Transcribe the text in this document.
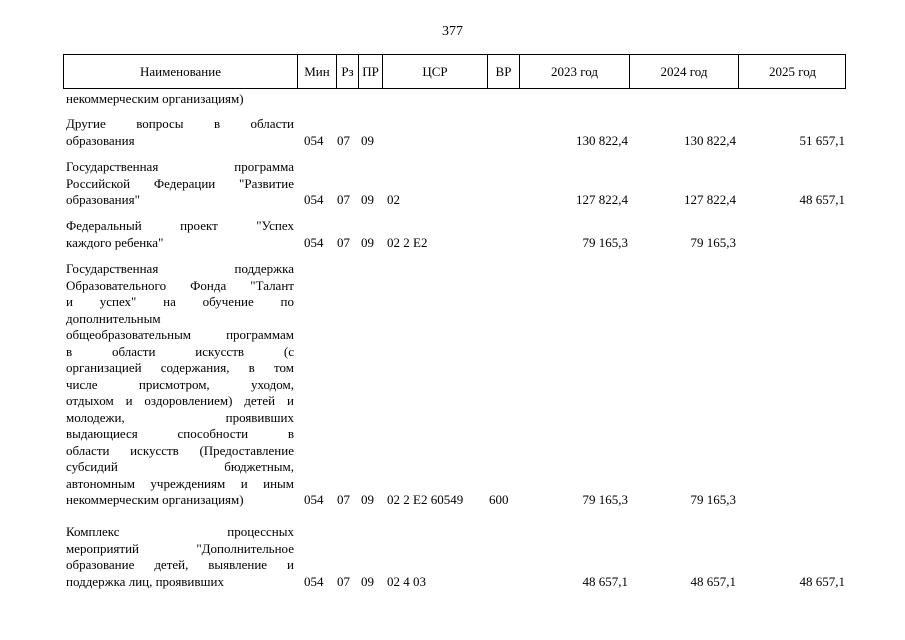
377
Наименование	Мин Рз ПР	ЦСР	ВР	2023 год	2024 год	2025 год
некоммерческим организациям)
Другие вопросы в области
образования	054 07 09	130 822,4	130 822,4	51 657,1
Государственная	программа
Российской Федерации "Развитие
образования"	054 07 09 02	127 822,4	127 822,4	48 657,1
Федеральный	проект	"Успех
каждого ребенка"	054 07 09 02 2 Е2	79 165,3	79 165,3
Государственная	поддержка
Образовательного Фонда "Талант
и успех" на обучение по
дополнительным
общеобразовательным	программам
в	области	искусств	(с
организацией содержания, в том
числе	присмотром,	уходом,
отдыхом и оздоровлением) детей и
молодежи,	проявивших
выдающиеся	способности	в
области искусств (Предоставление
субсидий	бюджетным,
автономным учреждениям и иным
некоммерческим организациям)	054 07 09 02 2 Е2 60549 600	79 165,3	79 165,3
Комплекс	процессных
мероприятий	"Дополнительное
образование детей, выявление и
поддержка лиц, проявивших	054 07 09 02 4 03	48 657,1	48 657,1	48 657,1
